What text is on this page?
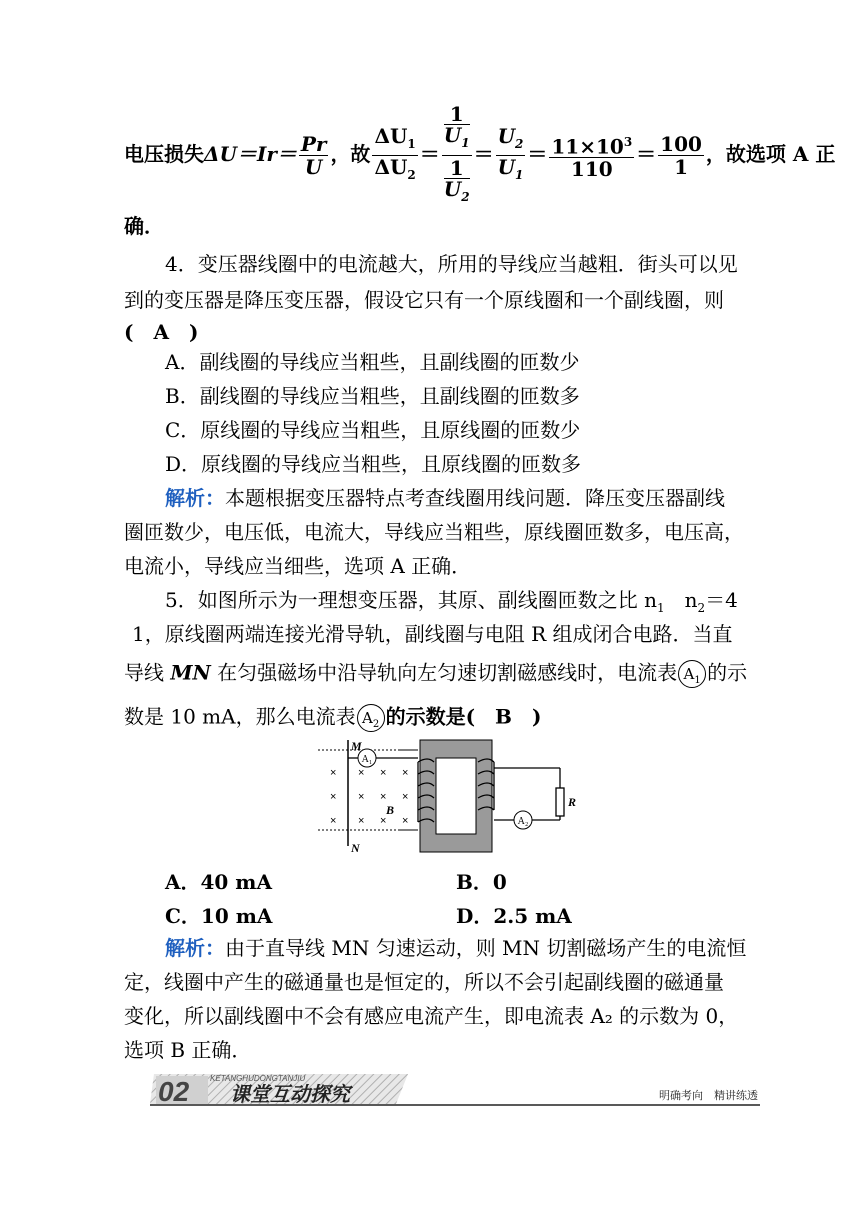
电压损失$\Delta U=Ir= \frac{Pr}{U}$ ，故 $\frac{\Delta U_1}{\Delta U_2} = 1$
$U_1$
1
$U_2 = \frac{U_2}{U_1} = \frac{11\times 10^3}{110} = \frac{100}{1}$ ，故选项 A 正
确．
4．变压器线圈中的电流越大，所用的导线应当越粗．街头可以见
到的变压器是降压变压器，假设它只有一个原线圈和一个副线圈，则
(　A　)
A．副线圈的导线应当粗些，且副线圈的匝数少
B．副线圈的导线应当粗些，且副线圈的匝数多
C．原线圈的导线应当粗些，且原线圈的匝数少
D．原线圈的导线应当粗些，且原线圈的匝数多
解析：本题根据变压器特点考查线圈用线问题．降压变压器副线
圈匝数少，电压低，电流大，导线应当粗些，原线圈匝数多，电压高，
电流小，导线应当细些，选项 A 正确．
5．如图所示为一理想变压器，其原、副线圈匝数之比 $n_1$　$n_2=4$
1，原线圈两端连接光滑导轨，副线圈与电阻 R 组成闭合电路．当直
导线 MN 在匀强磁场中沿导轨向左匀速切割磁感线时，电流表 $A_1$ 的示
数是 10 mA，那么电流表 $A_2$ 的示数是(　B　)
A₁
A₂
× × × ×
× × × ×
× × × ×
M
N
B
R
A．40 mA	B．0
C．10 mA	D．2.5 mA
解析：由于直导线 MN 匀速运动，则 MN 切割磁场产生的电流恒
定，线圈中产生的磁通量也是恒定的，所以不会引起副线圈的磁通量
变化，所以副线圈中不会有感应电流产生，即电流表 A₂ 的示数为 0，
选项 B 正确．
02	KETANGHUDONGTANJIU
课堂互动探究	明确考向　精讲练透
